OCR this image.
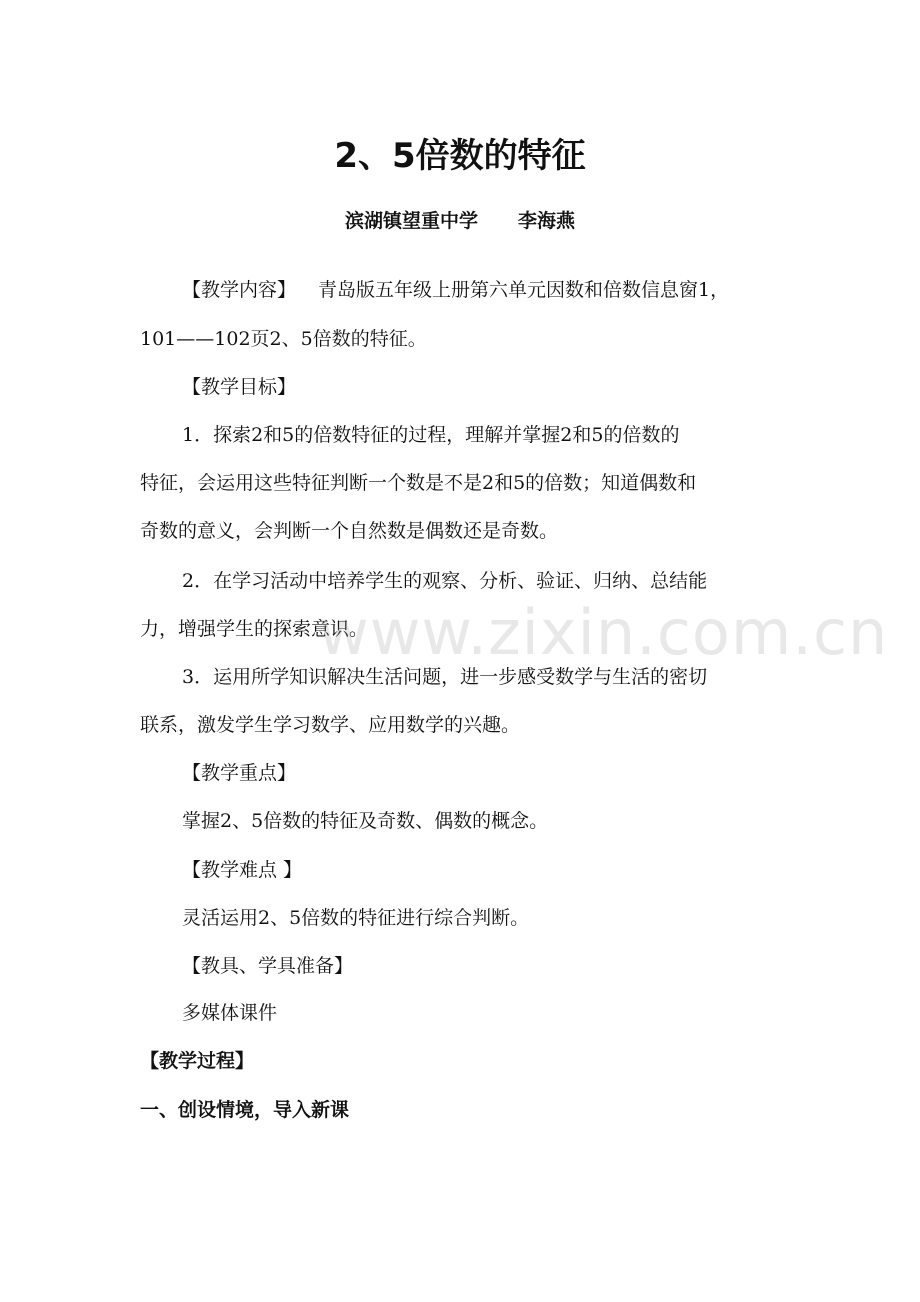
2、5倍数的特征
滨湖镇望重中学 李海燕
【教学内容】 青岛版五年级上册第六单元因数和倍数信息窗1，
101——102页2、5倍数的特征。
【教学目标】
1．探索2和5的倍数特征的过程，理解并掌握2和5的倍数的
特征，会运用这些特征判断一个数是不是2和5的倍数；知道偶数和
奇数的意义，会判断一个自然数是偶数还是奇数。
2．在学习活动中培养学生的观察、分析、验证、归纳、总结能
力，增强学生的探索意识。
3．运用所学知识解决生活问题，进一步感受数学与生活的密切
联系，激发学生学习数学、应用数学的兴趣。
【教学重点】
掌握2、5倍数的特征及奇数、偶数的概念。
【教学难点 】
灵活运用2、5倍数的特征进行综合判断。
【教具、学具准备】
多媒体课件
【教学过程】
一、创设情境，导入新课
www.zixin.com.cn
